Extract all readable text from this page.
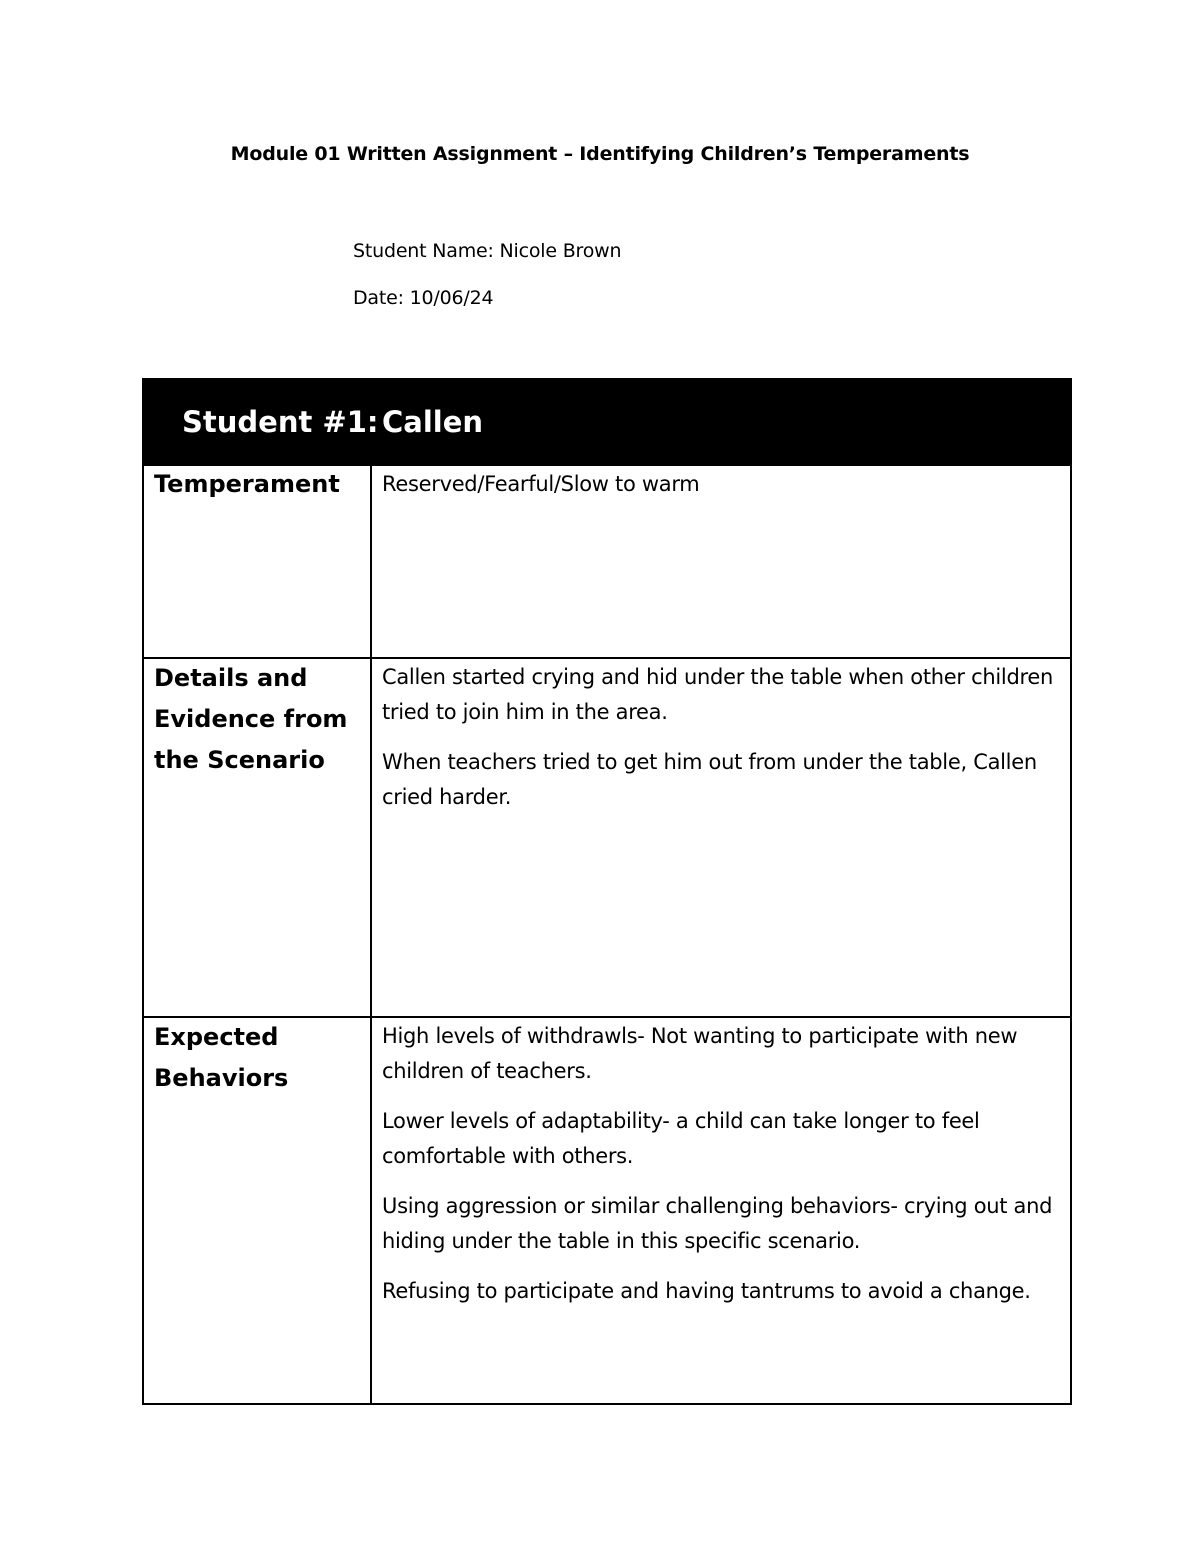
Module 01 Written Assignment – Identifying Children’s Temperaments
Student Name: Nicole Brown
Date: 10/06/24
Student #1: Callen	

Temperament	Reserved/Fearful/Slow to warm

Details and Evidence from the Scenario	Callen started crying and hid under the table when other children tried to join him in the area.

When teachers tried to get him out from under the table, Callen cried harder.

Expected Behaviors	High levels of withdrawls- Not wanting to participate with new children of teachers.

Lower levels of adaptability- a child can take longer to feel comfortable with others.

Using aggression or similar challenging behaviors- crying out and hiding under the table in this specific scenario.

Refusing to participate and having tantrums to avoid a change.
